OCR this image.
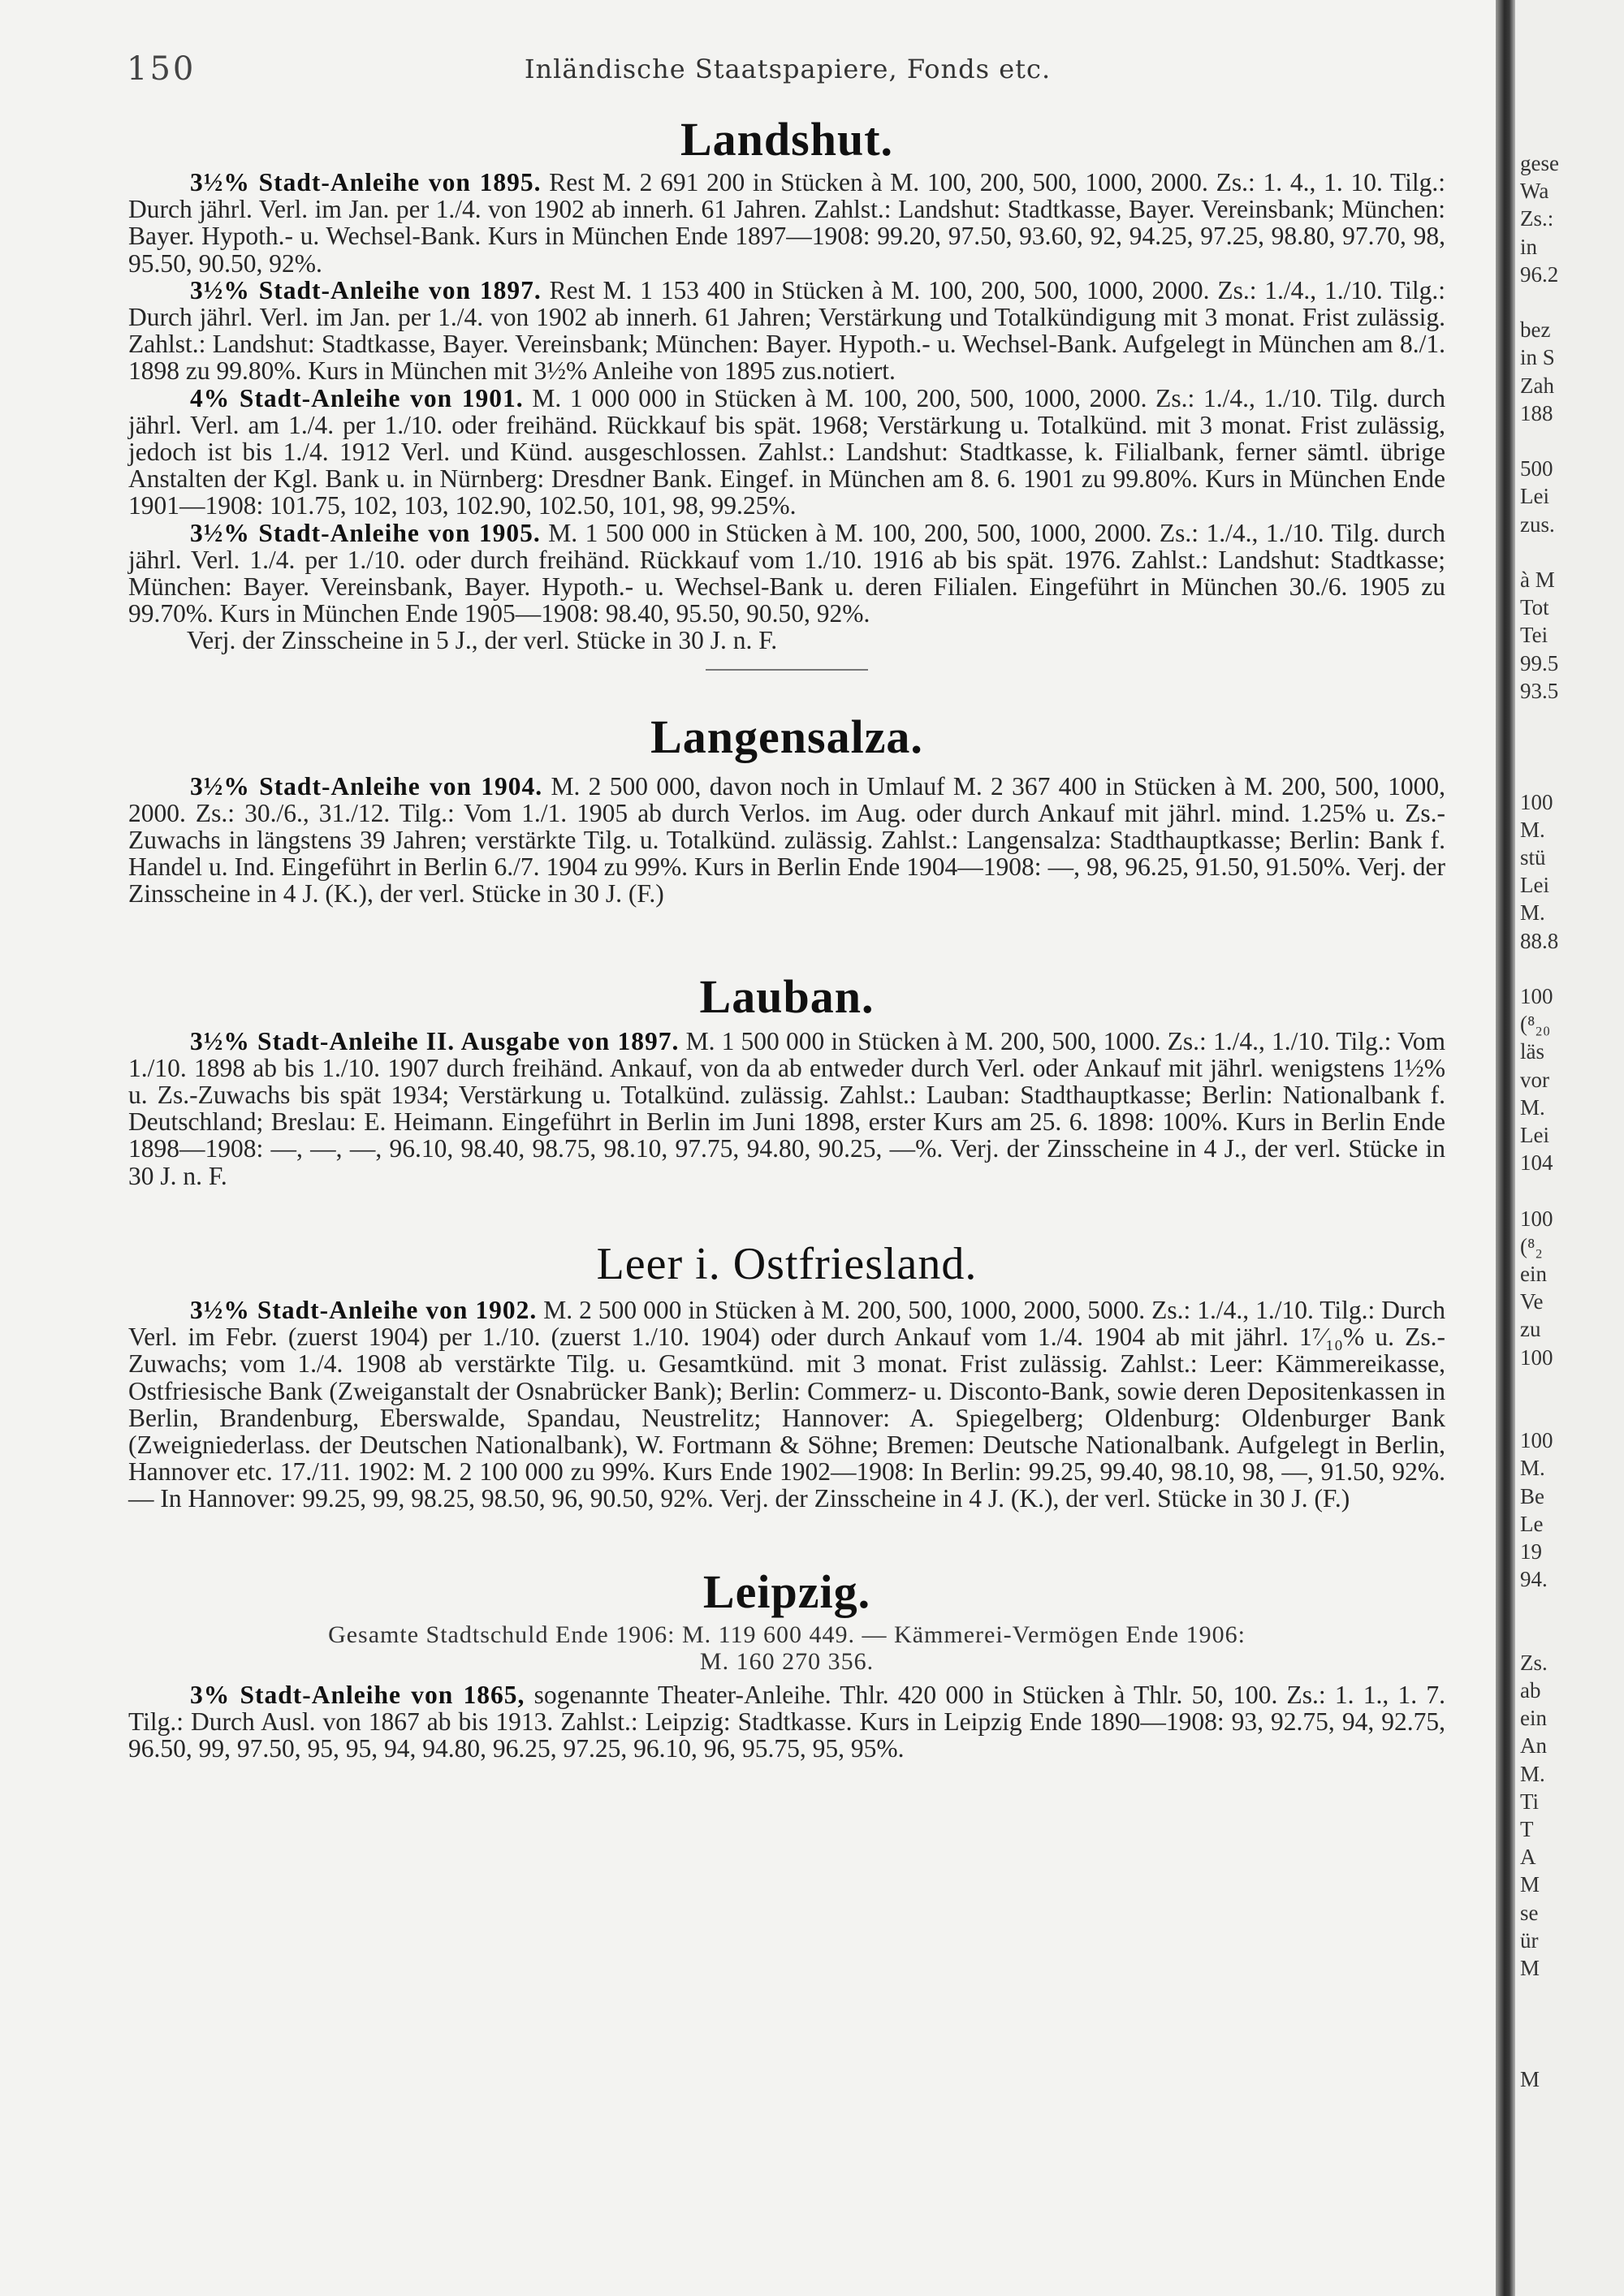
150	Inländische Staatspapiere, Fonds etc.
Landshut.

3½% Stadt-Anleihe von 1895. Rest M. 2 691 200 in Stücken à M. 100, 200, 500, 1000, 2000. Zs.: 1. 4., 1. 10. Tilg.: Durch jährl. Verl. im Jan. per 1./4. von 1902 ab innerh. 61 Jahren. Zahlst.: Landshut: Stadtkasse, Bayer. Vereinsbank; München: Bayer. Hypoth.- u. Wechsel-Bank. Kurs in München Ende 1897—1908: 99.20, 97.50, 93.60, 92, 94.25, 97.25, 98.80, 97.70, 98, 95.50, 90.50, 92%.

3½% Stadt-Anleihe von 1897. Rest M. 1 153 400 in Stücken à M. 100, 200, 500, 1000, 2000. Zs.: 1./4., 1./10. Tilg.: Durch jährl. Verl. im Jan. per 1./4. von 1902 ab innerh. 61 Jahren; Verstärkung und Totalkündigung mit 3 monat. Frist zulässig. Zahlst.: Landshut: Stadtkasse, Bayer. Vereinsbank; München: Bayer. Hypoth.- u. Wechsel-Bank. Aufgelegt in München am 8./1. 1898 zu 99.80%. Kurs in München mit 3½% Anleihe von 1895 zus.notiert.

4% Stadt-Anleihe von 1901. M. 1 000 000 in Stücken à M. 100, 200, 500, 1000, 2000. Zs.: 1./4., 1./10. Tilg. durch jährl. Verl. am 1./4. per 1./10. oder freihänd. Rückkauf bis spät. 1968; Verstärkung u. Totalkünd. mit 3 monat. Frist zulässig, jedoch ist bis 1./4. 1912 Verl. und Künd. ausgeschlossen. Zahlst.: Landshut: Stadtkasse, k. Filialbank, ferner sämtl. übrige Anstalten der Kgl. Bank u. in Nürnberg: Dresdner Bank. Eingef. in München am 8. 6. 1901 zu 99.80%. Kurs in München Ende 1901—1908: 101.75, 102, 103, 102.90, 102.50, 101, 98, 99.25%.

3½% Stadt-Anleihe von 1905. M. 1 500 000 in Stücken à M. 100, 200, 500, 1000, 2000. Zs.: 1./4., 1./10. Tilg. durch jährl. Verl. 1./4. per 1./10. oder durch freihänd. Rückkauf vom 1./10. 1916 ab bis spät. 1976. Zahlst.: Landshut: Stadtkasse; München: Bayer. Vereinsbank, Bayer. Hypoth.- u. Wechsel-Bank u. deren Filialen. Eingeführt in München 30./6. 1905 zu 99.70%. Kurs in München Ende 1905—1908: 98.40, 95.50, 90.50, 92%.

Verj. der Zinsscheine in 5 J., der verl. Stücke in 30 J. n. F.

Langensalza.

3½% Stadt-Anleihe von 1904. M. 2 500 000, davon noch in Umlauf M. 2 367 400 in Stücken à M. 200, 500, 1000, 2000. Zs.: 30./6., 31./12. Tilg.: Vom 1./1. 1905 ab durch Verlos. im Aug. oder durch Ankauf mit jährl. mind. 1.25% u. Zs.-Zuwachs in längstens 39 Jahren; verstärkte Tilg. u. Totalkünd. zulässig. Zahlst.: Langensalza: Stadthauptkasse; Berlin: Bank f. Handel u. Ind. Eingeführt in Berlin 6./7. 1904 zu 99%. Kurs in Berlin Ende 1904—1908: —, 98, 96.25, 91.50, 91.50%. Verj. der Zinsscheine in 4 J. (K.), der verl. Stücke in 30 J. (F.)

Lauban.

3½% Stadt-Anleihe II. Ausgabe von 1897. M. 1 500 000 in Stücken à M. 200, 500, 1000. Zs.: 1./4., 1./10. Tilg.: Vom 1./10. 1898 ab bis 1./10. 1907 durch freihänd. Ankauf, von da ab entweder durch Verl. oder Ankauf mit jährl. wenigstens 1½% u. Zs.-Zuwachs bis spät 1934; Verstärkung u. Totalkünd. zulässig. Zahlst.: Lauban: Stadthauptkasse; Berlin: Nationalbank f. Deutschland; Breslau: E. Heimann. Eingeführt in Berlin im Juni 1898, erster Kurs am 25. 6. 1898: 100%. Kurs in Berlin Ende 1898—1908: —, —, —, 96.10, 98.40, 98.75, 98.10, 97.75, 94.80, 90.25, —%. Verj. der Zinsscheine in 4 J., der verl. Stücke in 30 J. n. F.

Leer i. Ostfriesland.

3½% Stadt-Anleihe von 1902. M. 2 500 000 in Stücken à M. 200, 500, 1000, 2000, 5000. Zs.: 1./4., 1./10. Tilg.: Durch Verl. im Febr. (zuerst 1904) per 1./10. (zuerst 1./10. 1904) oder durch Ankauf vom 1./4. 1904 ab mit jährl. 1⁷⁄₁₀% u. Zs.-Zuwachs; vom 1./4. 1908 ab verstärkte Tilg. u. Gesamtkünd. mit 3 monat. Frist zulässig. Zahlst.: Leer: Kämmereikasse, Ostfriesische Bank (Zweiganstalt der Osnabrücker Bank); Berlin: Commerz- u. Disconto-Bank, sowie deren Depositenkassen in Berlin, Brandenburg, Eberswalde, Spandau, Neustrelitz; Hannover: A. Spiegelberg; Oldenburg: Oldenburger Bank (Zweigniederlass. der Deutschen Nationalbank), W. Fortmann & Söhne; Bremen: Deutsche Nationalbank. Aufgelegt in Berlin, Hannover etc. 17./11. 1902: M. 2 100 000 zu 99%. Kurs Ende 1902—1908: In Berlin: 99.25, 99.40, 98.10, 98, —, 91.50, 92%. — In Hannover: 99.25, 99, 98.25, 98.50, 96, 90.50, 92%. Verj. der Zinsscheine in 4 J. (K.), der verl. Stücke in 30 J. (F.)

Leipzig.

Gesamte Stadtschuld Ende 1906: M. 119 600 449. — Kämmerei-Vermögen Ende 1906:

M. 160 270 356.

3% Stadt-Anleihe von 1865, sogenannte Theater-Anleihe. Thlr. 420 000 in Stücken à Thlr. 50, 100. Zs.: 1. 1., 1. 7. Tilg.: Durch Ausl. von 1867 ab bis 1913. Zahlst.: Leipzig: Stadtkasse. Kurs in Leipzig Ende 1890—1908: 93, 92.75, 94, 92.75, 96.50, 99, 97.50, 95, 95, 94, 94.80, 96.25, 97.25, 96.10, 96, 95.75, 95, 95%.

gese
Wa
Zs.:
in
96.2
bez
in S
Zah
188
500
Lei
zus.
à M
Tot
Tei
99.5
93.5
100
M.
stü
Lei
M.
88.8
100
(⁸₂₀
läs
vor
M.
Lei
104
100
(⁸₂
ein
Ve
zu
100
100
M.
Be
Le
19
94.
Zs.
ab
ein
An
M.
Ti
T
A
M
se
ür
M
M
